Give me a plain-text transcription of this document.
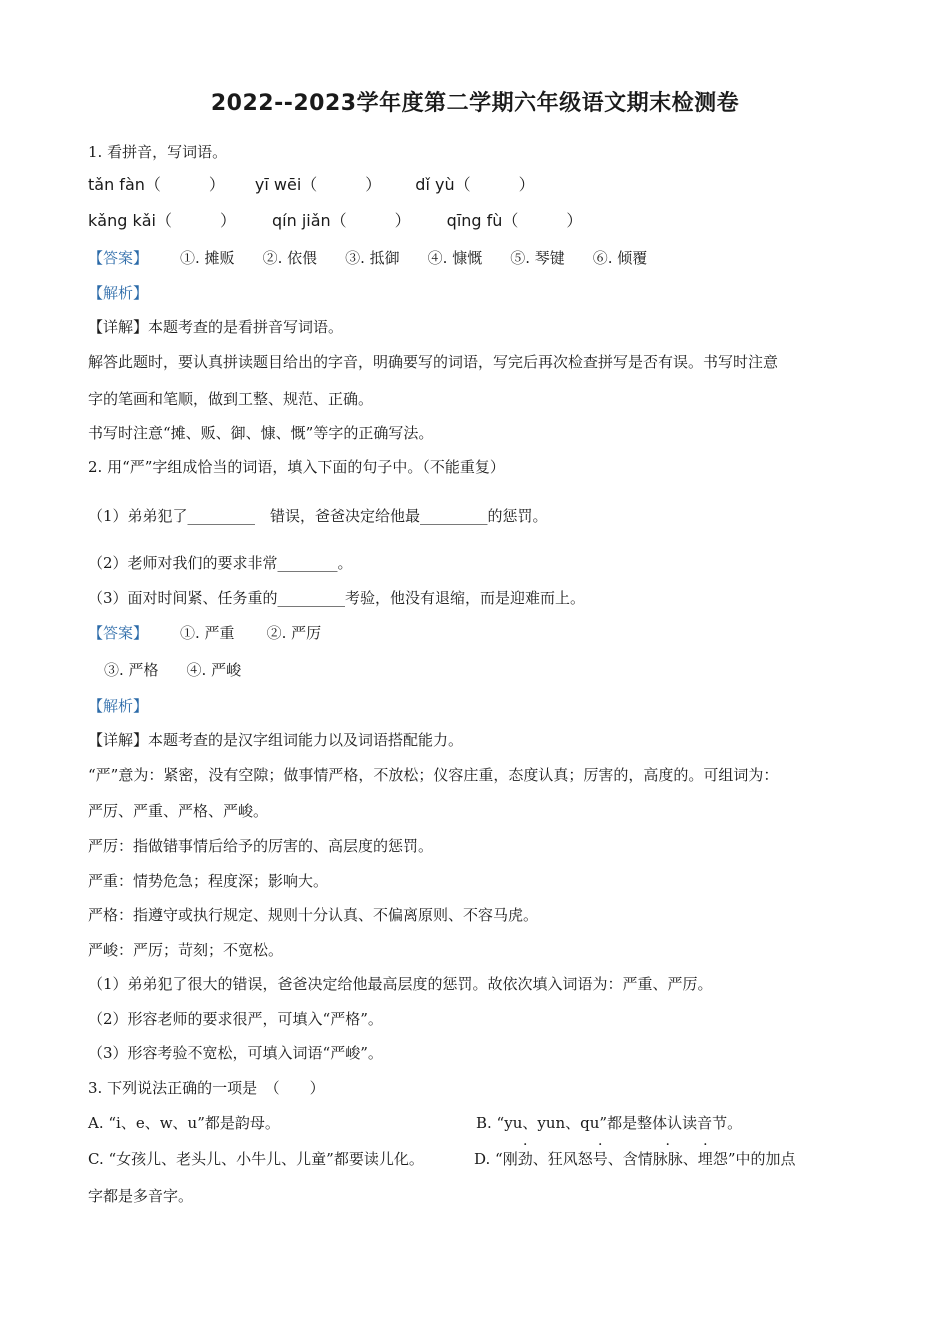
2022--2023学年度第二学期六年级语文期末检测卷
1. 看拼音，写词语。
tǎn fàn（　　　） yī wēi（　　　） dǐ yù（　　　）
kǎng kǎi（　　　） qín jiǎn（　　　） qīng fù（　　　）
【答案】 ①. 摊贩 ②. 依偎 ③. 抵御 ④. 慷慨 ⑤. 琴键 ⑥. 倾覆
【解析】
【详解】本题考查的是看拼音写词语。
解答此题时，要认真拼读题目给出的字音，明确要写的词语，写完后再次检查拼写是否有误。书写时注意
字的笔画和笔顺，做到工整、规范、正确。
书写时注意“摊、贩、御、慷、慨”等字的正确写法。
2. 用“严”字组成恰当的词语，填入下面的句子中。（不能重复）
（1）弟弟犯了_________　错误，爸爸决定给他最_________的惩罚。
（2）老师对我们的要求非常________。
（3）面对时间紧、任务重的_________考验，他没有退缩，而是迎难而上。
【答案】 ①. 严重 ②. 严厉
③. 严格 ④. 严峻
【解析】
【详解】本题考查的是汉字组词能力以及词语搭配能力。
“严”意为：紧密，没有空隙；做事情严格，不放松；仪容庄重，态度认真；厉害的，高度的。可组词为：
严厉、严重、严格、严峻。
严厉：指做错事情后给予的厉害的、高层度的惩罚。
严重：情势危急；程度深；影响大。
严格：指遵守或执行规定、规则十分认真、不偏离原则、不容马虎。
严峻：严厉；苛刻；不宽松。
（1）弟弟犯了很大的错误，爸爸决定给他最高层度的惩罚。故依次填入词语为：严重、严厉。
（2）形容老师的要求很严，可填入“严格”。
（3）形容考验不宽松，可填入词语“严峻”。
3. 下列说法正确的一项是　（　　）
A. “i、e、w、u”都是韵母。	B. “yu、yun、qu”都是整体认读音节。
C. “女孩儿、老头儿、小牛儿、儿童”都要读儿化。	D. “刚劲、狂风怒号、含情脉脉、埋怨”中的加点
字都是多音字。
